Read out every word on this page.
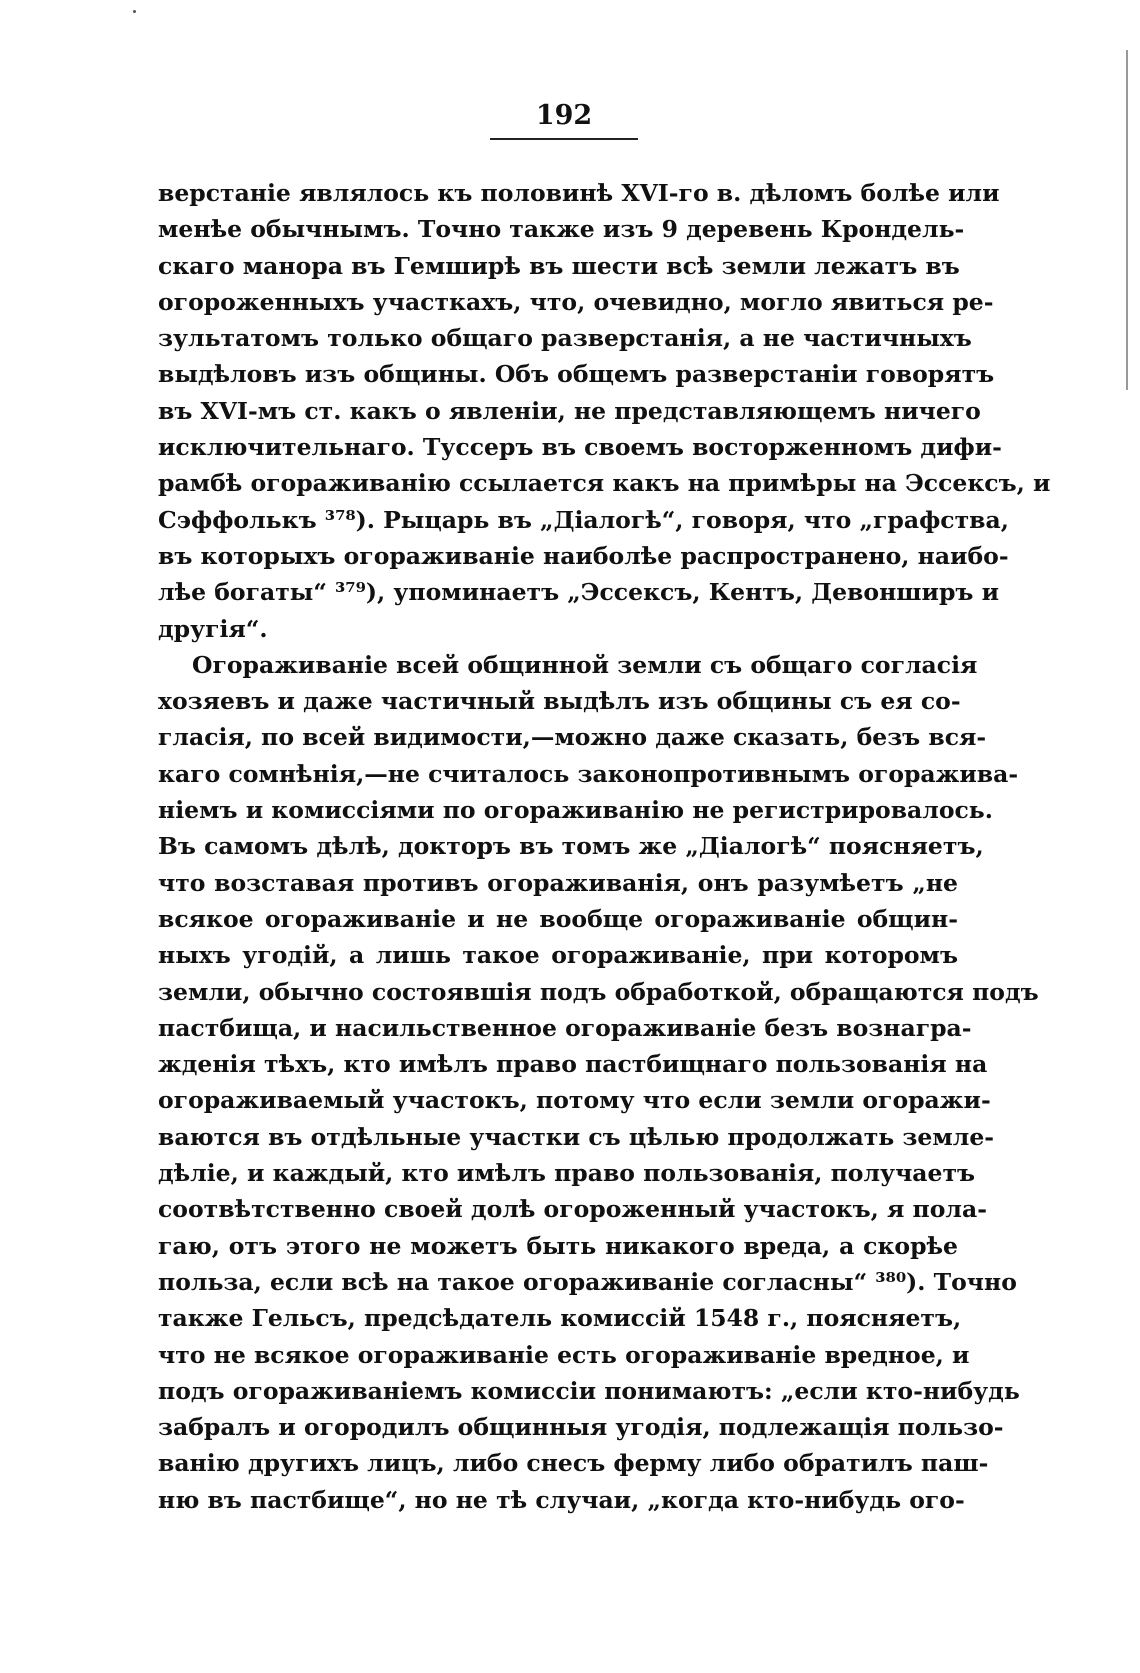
192
верстаніе являлось къ половинѣ XVI-го в. дѣломъ болѣе или
менѣе обычнымъ. Точно также изъ 9 деревень Крондель-
скаго манора въ Гемширѣ въ шести всѣ земли лежатъ въ
огороженныхъ участкахъ, что, очевидно, могло явиться ре-
зультатомъ только общаго разверстанія, а не частичныхъ
выдѣловъ изъ общины. Объ общемъ разверстаніи говорятъ
въ XVI-мъ ст. какъ о явленіи, не представляющемъ ничего
исключительнаго. Туссеръ въ своемъ восторженномъ дифи-
рамбѣ огораживанію ссылается какъ на примѣры на Эссексъ, и
Сэффолькъ ³⁷⁸). Рыцарь въ „Діалогѣ“, говоря, что „графства,
въ которыхъ огораживаніе наиболѣе распространено, наибо-
лѣе богаты“ ³⁷⁹), упоминаетъ „Эссексъ, Кентъ, Девонширъ и
другія“.
Огораживаніе всей общинной земли съ общаго согласія
хозяевъ и даже частичный выдѣлъ изъ общины съ ея со-
гласія, по всей видимости,—можно даже сказать, безъ вся-
каго сомнѣнія,—не считалось законопротивнымъ огоражива-
ніемъ и комиссіями по огораживанію не регистрировалось.
Въ самомъ дѣлѣ, докторъ въ томъ же „Діалогѣ“ поясняетъ,
что возставая противъ огораживанія, онъ разумѣетъ „не
всякое огораживаніе и не вообще огораживаніе общин-
ныхъ угодій, а лишь такое огораживаніе, при которомъ
земли, обычно состоявшія подъ обработкой, обращаются подъ
пастбища, и насильственное огораживаніе безъ вознагра-
жденія тѣхъ, кто имѣлъ право пастбищнаго пользованія на
огораживаемый участокъ, потому что если земли огоражи-
ваются въ отдѣльные участки съ цѣлью продолжать земле-
дѣліе, и каждый, кто имѣлъ право пользованія, получаетъ
соотвѣтственно своей долѣ огороженный участокъ, я пола-
гаю, отъ этого не можетъ быть никакого вреда, а скорѣе
польза, если всѣ на такое огораживаніе согласны“ ³⁸⁰). Точно
также Гельсъ, предсѣдатель комиссій 1548 г., поясняетъ,
что не всякое огораживаніе есть огораживаніе вредное, и
подъ огораживаніемъ комиссіи понимаютъ: „если кто-нибудь
забралъ и огородилъ общинныя угодія, подлежащія пользо-
ванію другихъ лицъ, либо снесъ ферму либо обратилъ паш-
ню въ пастбище“, но не тѣ случаи, „когда кто-нибудь ого-
